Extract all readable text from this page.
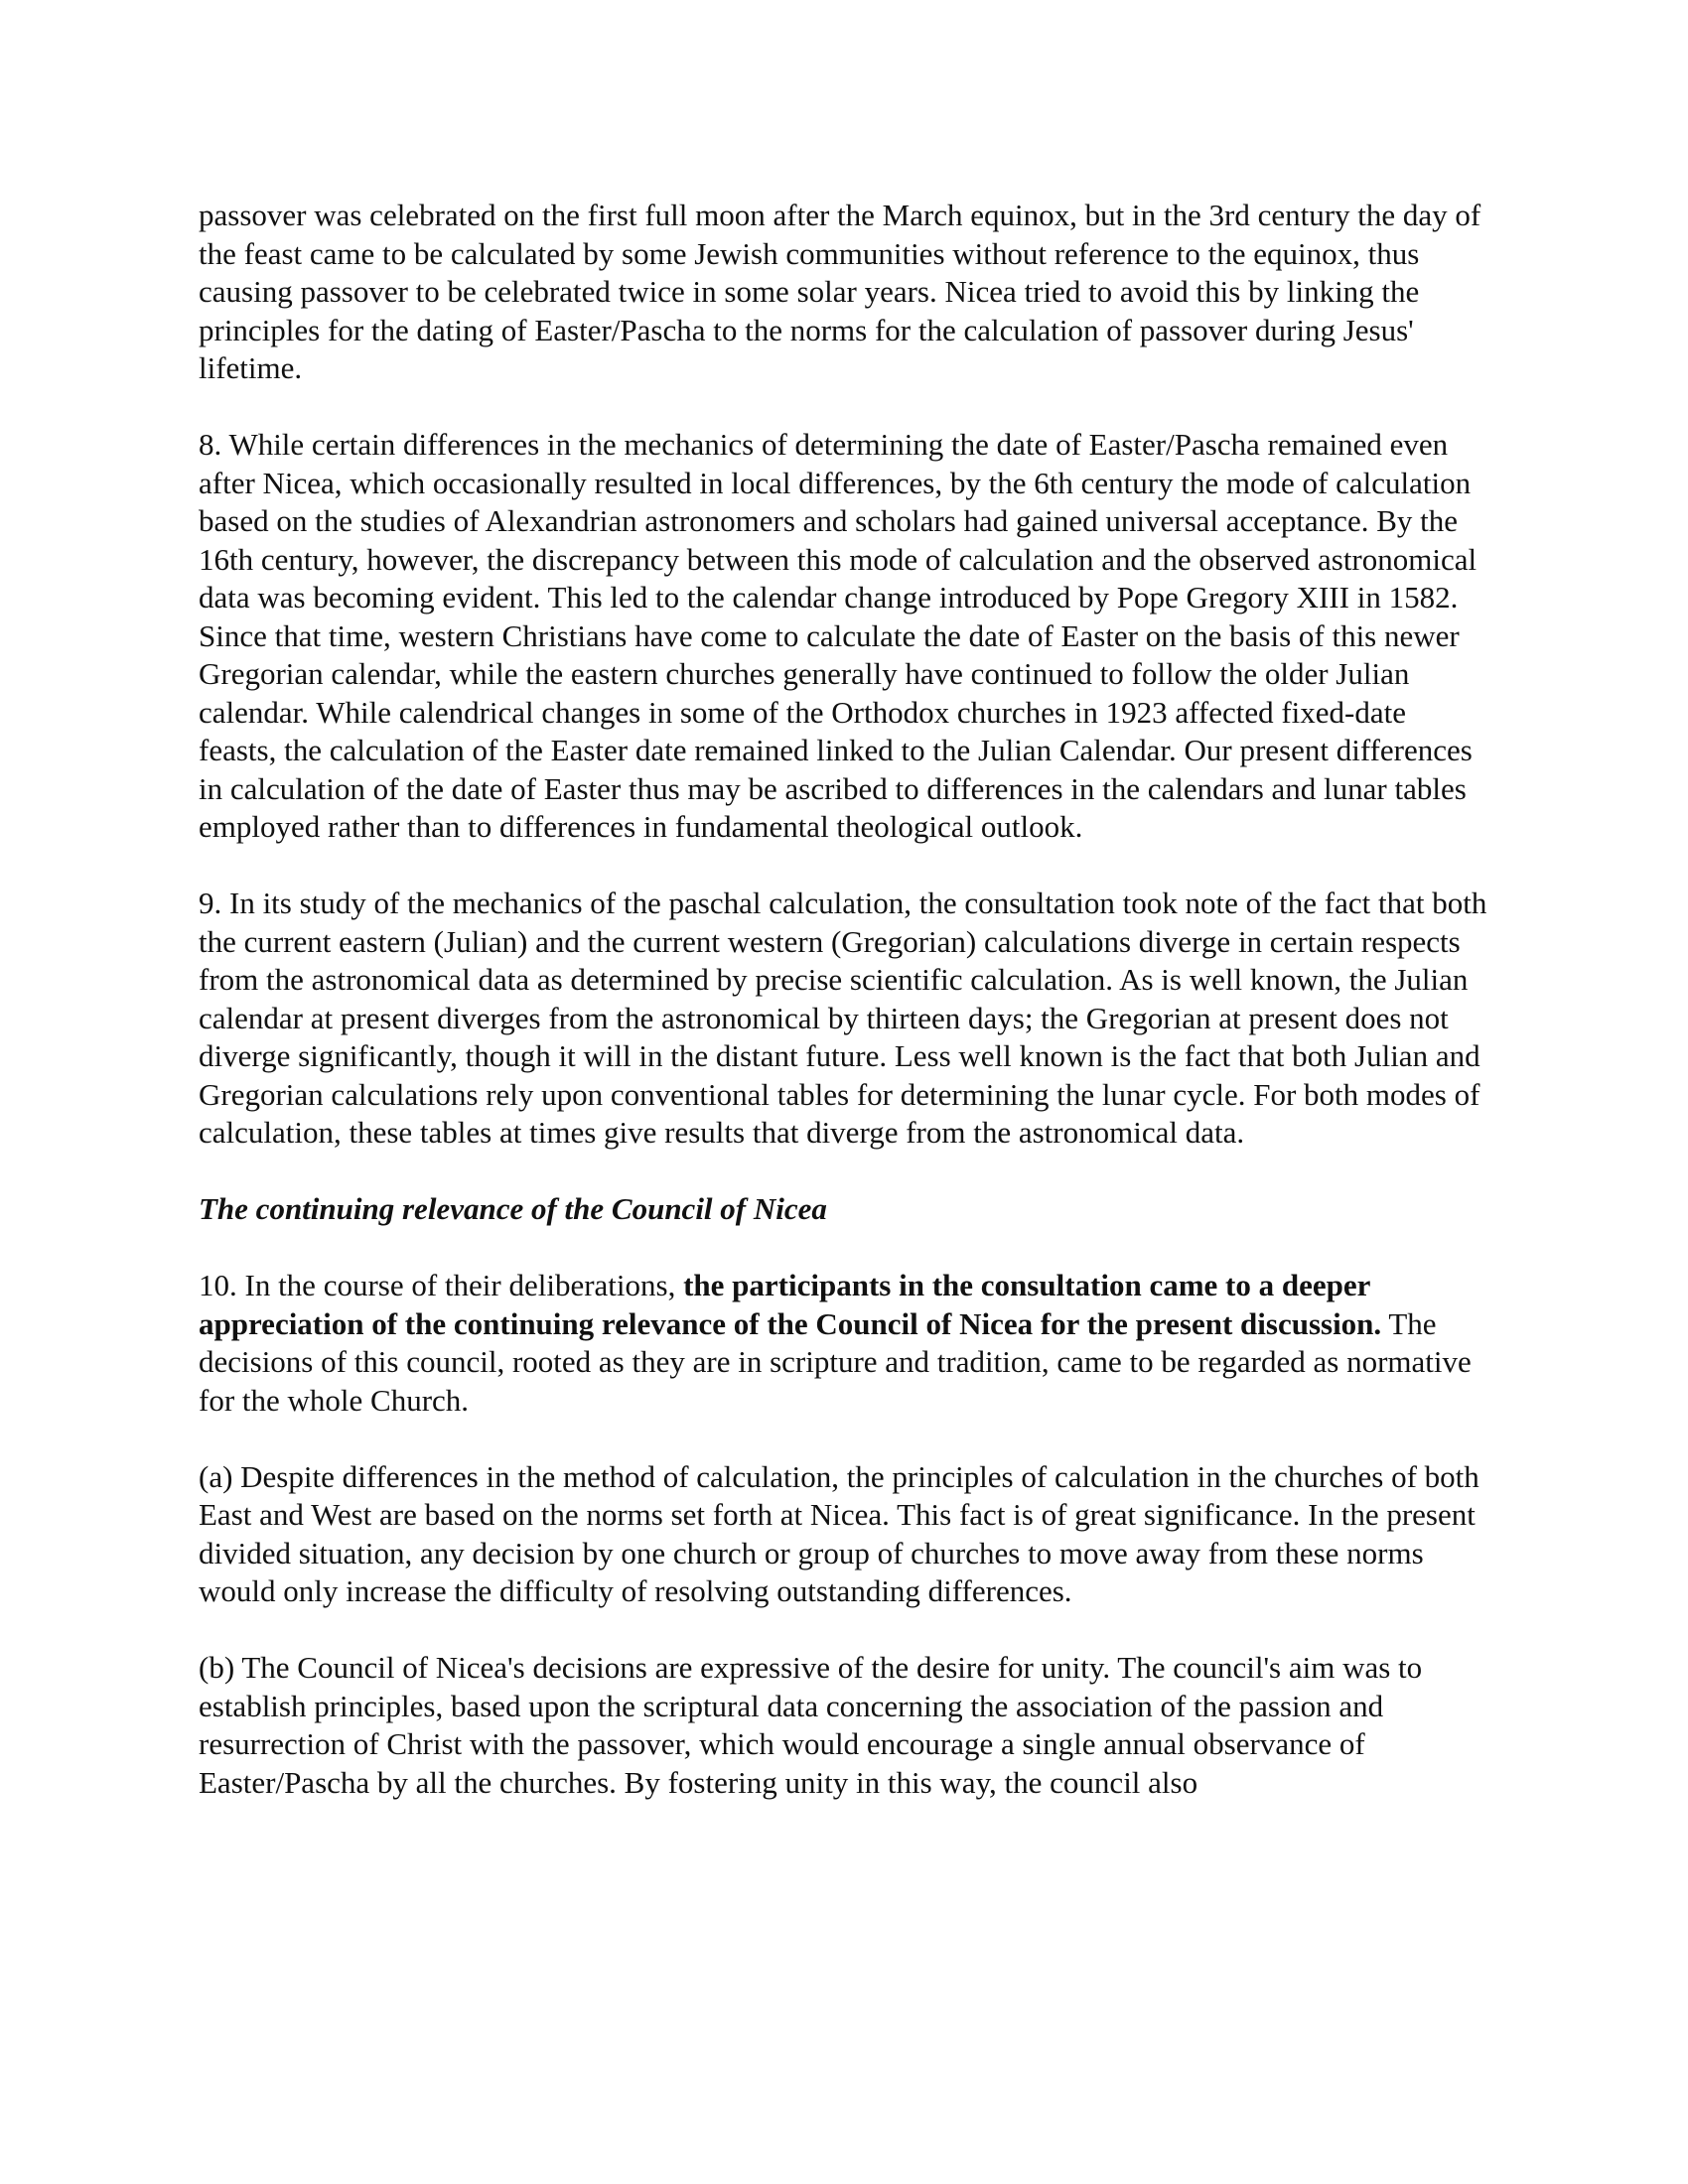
passover was celebrated on the first full moon after the March equinox, but in the 3rd century the day of the feast came to be calculated by some Jewish communities without reference to the equinox, thus causing passover to be celebrated twice in some solar years. Nicea tried to avoid this by linking the principles for the dating of Easter/Pascha to the norms for the calculation of passover during Jesus' lifetime.

8. While certain differences in the mechanics of determining the date of Easter/Pascha remained even after Nicea, which occasionally resulted in local differences, by the 6th century the mode of calculation based on the studies of Alexandrian astronomers and scholars had gained universal acceptance. By the 16th century, however, the discrepancy between this mode of calculation and the observed astronomical data was becoming evident. This led to the calendar change introduced by Pope Gregory XIII in 1582. Since that time, western Christians have come to calculate the date of Easter on the basis of this newer Gregorian calendar, while the eastern churches generally have continued to follow the older Julian calendar. While calendrical changes in some of the Orthodox churches in 1923 affected fixed-date feasts, the calculation of the Easter date remained linked to the Julian Calendar. Our present differences in calculation of the date of Easter thus may be ascribed to differences in the calendars and lunar tables employed rather than to differences in fundamental theological outlook.

9. In its study of the mechanics of the paschal calculation, the consultation took note of the fact that both the current eastern (Julian) and the current western (Gregorian) calculations diverge in certain respects from the astronomical data as determined by precise scientific calculation. As is well known, the Julian calendar at present diverges from the astronomical by thirteen days; the Gregorian at present does not diverge significantly, though it will in the distant future. Less well known is the fact that both Julian and Gregorian calculations rely upon conventional tables for determining the lunar cycle. For both modes of calculation, these tables at times give results that diverge from the astronomical data.

The continuing relevance of the Council of Nicea

10. In the course of their deliberations, the participants in the consultation came to a deeper appreciation of the continuing relevance of the Council of Nicea for the present discussion. The decisions of this council, rooted as they are in scripture and tradition, came to be regarded as normative for the whole Church.

(a) Despite differences in the method of calculation, the principles of calculation in the churches of both East and West are based on the norms set forth at Nicea. This fact is of great significance. In the present divided situation, any decision by one church or group of churches to move away from these norms would only increase the difficulty of resolving outstanding differences.

(b) The Council of Nicea's decisions are expressive of the desire for unity. The council's aim was to establish principles, based upon the scriptural data concerning the association of the passion and resurrection of Christ with the passover, which would encourage a single annual observance of Easter/Pascha by all the churches. By fostering unity in this way, the council also
